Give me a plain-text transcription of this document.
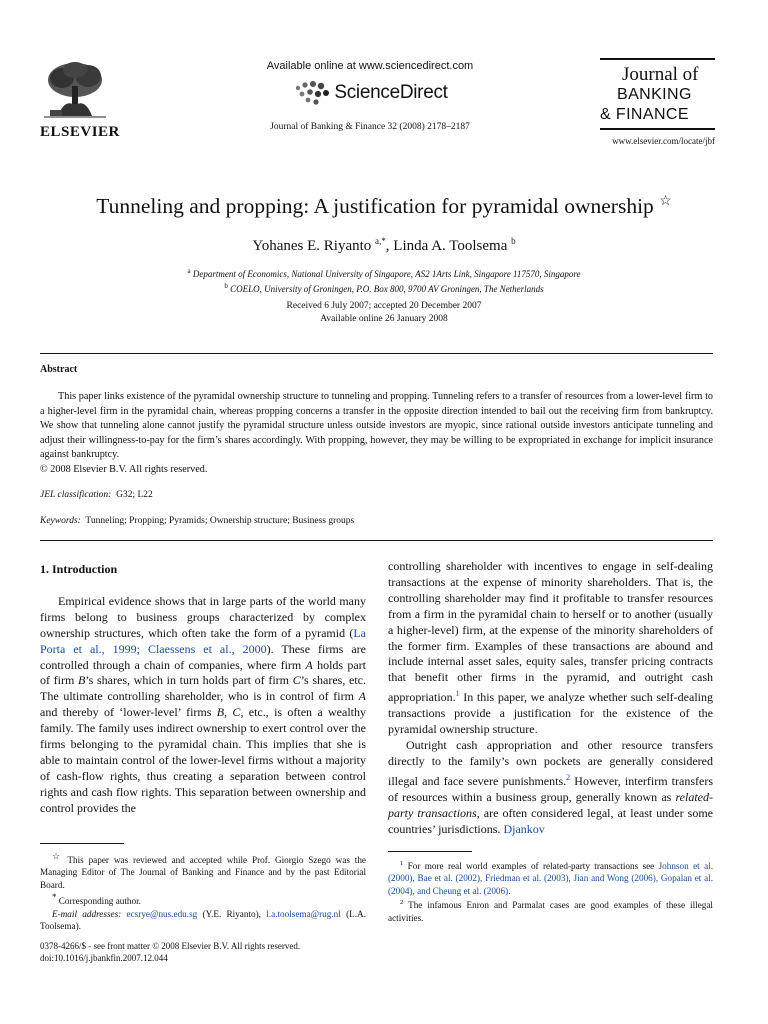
ELSEVIER
Available online at www.sciencedirect.com
ScienceDirect
Journal of Banking & Finance 32 (2008) 2178–2187
Journal of
BANKING
& FINANCE
www.elsevier.com/locate/jbf
Tunneling and propping: A justification for pyramidal ownership ☆
Yohanes E. Riyanto $^{a,*}$, Linda A. Toolsema $^b$
$^a$ Department of Economics, National University of Singapore, AS2 1Arts Link, Singapore 117570, Singapore
$^b$ COELO, University of Groningen, P.O. Box 800, 9700 AV Groningen, The Netherlands
Received 6 July 2007; accepted 20 December 2007
Available online 26 January 2008
Abstract

This paper links existence of the pyramidal ownership structure to tunneling and propping. Tunneling refers to a transfer of resources from a lower-level firm to a higher-level firm in the pyramidal chain, whereas propping concerns a transfer in the opposite direction intended to bail out the receiving firm from bankruptcy. We show that tunneling alone cannot justify the pyramidal structure unless outside investors are myopic, since rational outside investors anticipate tunneling and adjust their willingness-to-pay for the firm’s shares accordingly. With propping, however, they may be willing to be expropriated in exchange for implicit insurance against bankruptcy.

© 2008 Elsevier B.V. All rights reserved.
JEL classification: G32; L22
Keywords: Tunneling; Propping; Pyramids; Ownership structure; Business groups
1. Introduction

Empirical evidence shows that in large parts of the world many firms belong to business groups characterized by complex ownership structures, which often take the form of a pyramid (La Porta et al., 1999; Claessens et al., 2000). These firms are controlled through a chain of companies, where firm A holds part of firm B’s shares, which in turn holds part of firm C’s shares, etc. The ultimate controlling shareholder, who is in control of firm A and thereby of ‘lower-level’ firms B, C, etc., is often a wealthy family. The family uses indirect ownership to exert control over the firms belonging to the pyramidal chain. This implies that she is able to maintain control of the lower-level firms without a majority of cash-flow rights, thus creating a separation between control rights and cash flow rights. This separation between ownership and control provides the

controlling shareholder with incentives to engage in self-dealing transactions at the expense of minority shareholders. That is, the controlling shareholder may find it profitable to transfer resources from a firm in the pyramidal chain to herself or to another (usually a higher-level) firm, at the expense of the minority shareholders of the former firm. Examples of these transactions are abound and include internal asset sales, equity sales, transfer pricing contracts that benefit other firms in the pyramid, and outright cash appropriation.$^1$ In this paper, we analyze whether such self-dealing transactions provide a justification for the existence of the pyramidal ownership structure.

Outright cash appropriation and other resource transfers directly to the family’s own pockets are generally considered illegal and face severe punishments.$^2$ However, interfirm transfers of resources within a business group, generally known as related-party transactions, are often considered legal, at least under some countries’ jurisdictions. Djankov

☆ This paper was reviewed and accepted while Prof. Giorgio Szego was the Managing Editor of The Journal of Banking and Finance and by the past Editorial Board.

* Corresponding author.

E-mail addresses: ecsrye@nus.edu.sg (Y.E. Riyanto), l.a.toolsema@rug.nl (L.A. Toolsema).

$^1$ For more real world examples of related-party transactions see Johnson et al. (2000), Bae et al. (2002), Friedman et al. (2003), Jian and Wong (2006), Gopalan et al. (2004), and Cheung et al. (2006).

$^2$ The infamous Enron and Parmalat cases are good examples of these illegal activities.

0378-4266/$ - see front matter © 2008 Elsevier B.V. All rights reserved.
doi:10.1016/j.jbankfin.2007.12.044
